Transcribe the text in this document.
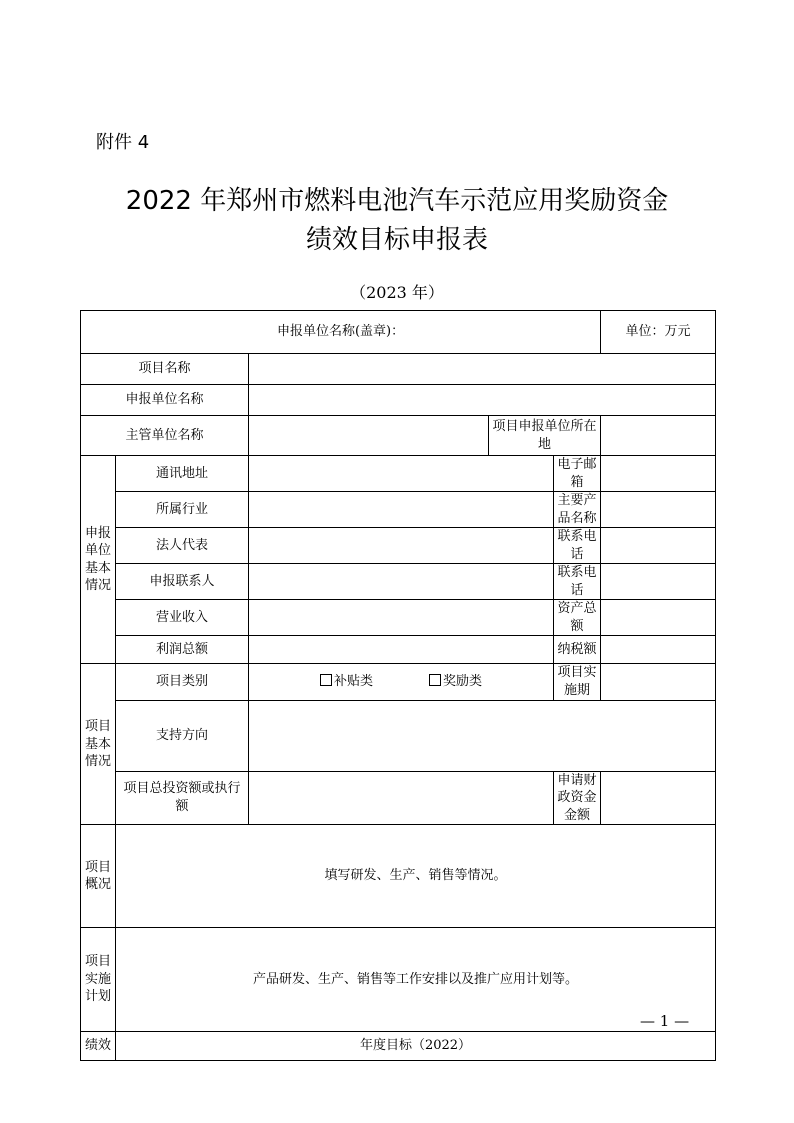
附件 4
2022 年郑州市燃料电池汽车示范应用奖励资金
绩效目标申报表
（2023 年）
申报单位名称(盖章)：					单位：万元
项目名称					
申报单位名称					
主管单位名称			项目申报单位所在地		
申报单位基本情况	通讯地址			电子邮箱	
	所属行业			主要产品名称	
	法人代表			联系电话	
	申报联系人			联系电话	
	营业收入			资产总额	
	利润总额			纳税额	
项目基本情况	项目类别	补贴类 奖励类		项目实施期	
	支持方向				
	项目总投资额或执行额			申请财政资金金额	
项目概况	填写研发、生产、销售等情况。				
项目实施计划	产品研发、生产、销售等工作安排以及推广应用计划等。				
绩效	年度目标（2022）				
— 1 —
